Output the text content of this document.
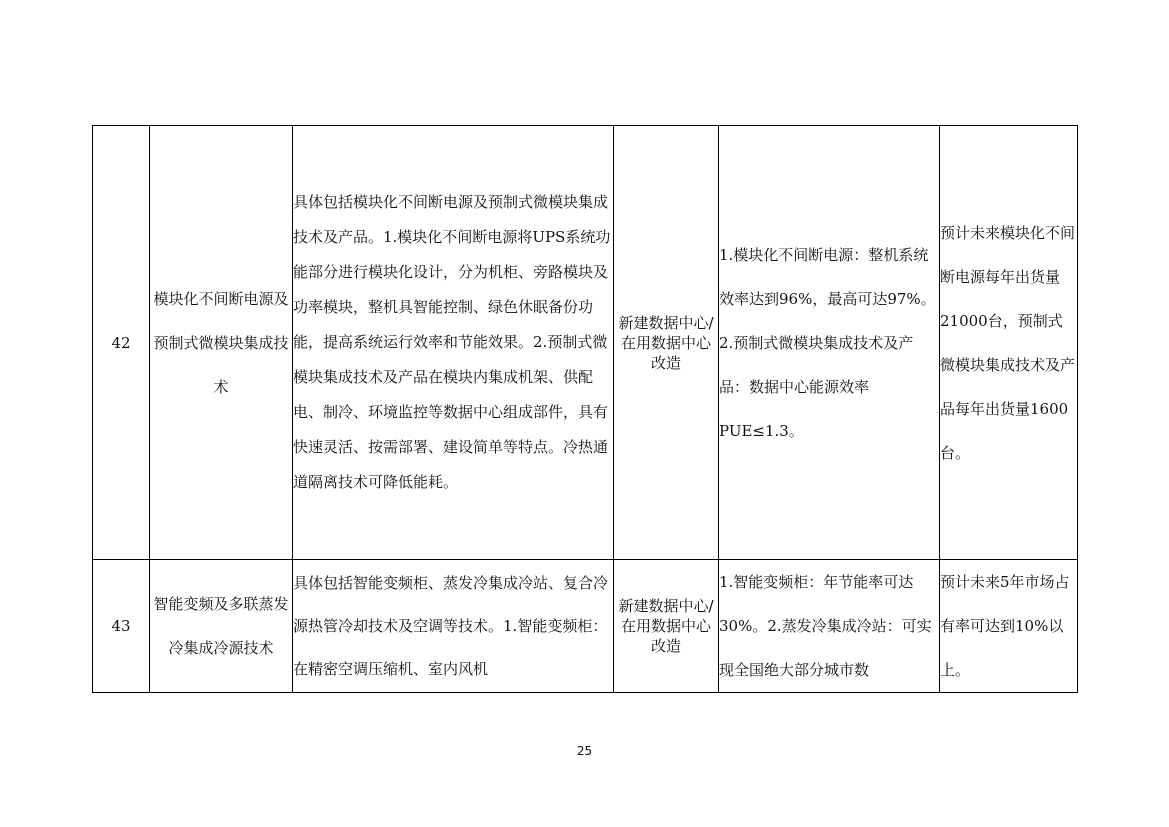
42	模块化不间断电源及预制式微模块集成技术	具体包括模块化不间断电源及预制式微模块集成技术及产品。1.模块化不间断电源将UPS系统功能部分进行模块化设计，分为机柜、旁路模块及功率模块，整机具智能控制、绿色休眠备份功能，提高系统运行效率和节能效果。2.预制式微模块集成技术及产品在模块内集成机架、供配电、制冷、环境监控等数据中心组成部件，具有快速灵活、按需部署、建设简单等特点。冷热通道隔离技术可降低能耗。	新建数据中心/在用数据中心改造	1.模块化不间断电源：整机系统效率达到96%，最高可达97%。2.预制式微模块集成技术及产品：数据中心能源效率PUE≤1.3。	预计未来模块化不间断电源每年出货量21000台，预制式微模块集成技术及产品每年出货量1600台。
43	智能变频及多联蒸发冷集成冷源技术	具体包括智能变频柜、蒸发冷集成冷站、复合冷源热管冷却技术及空调等技术。1.智能变频柜：在精密空调压缩机、室内风机	新建数据中心/在用数据中心改造	1.智能变频柜：年节能率可达30%。2.蒸发冷集成冷站：可实现全国绝大部分城市数	预计未来5年市场占有率可达到10%以上。
25
